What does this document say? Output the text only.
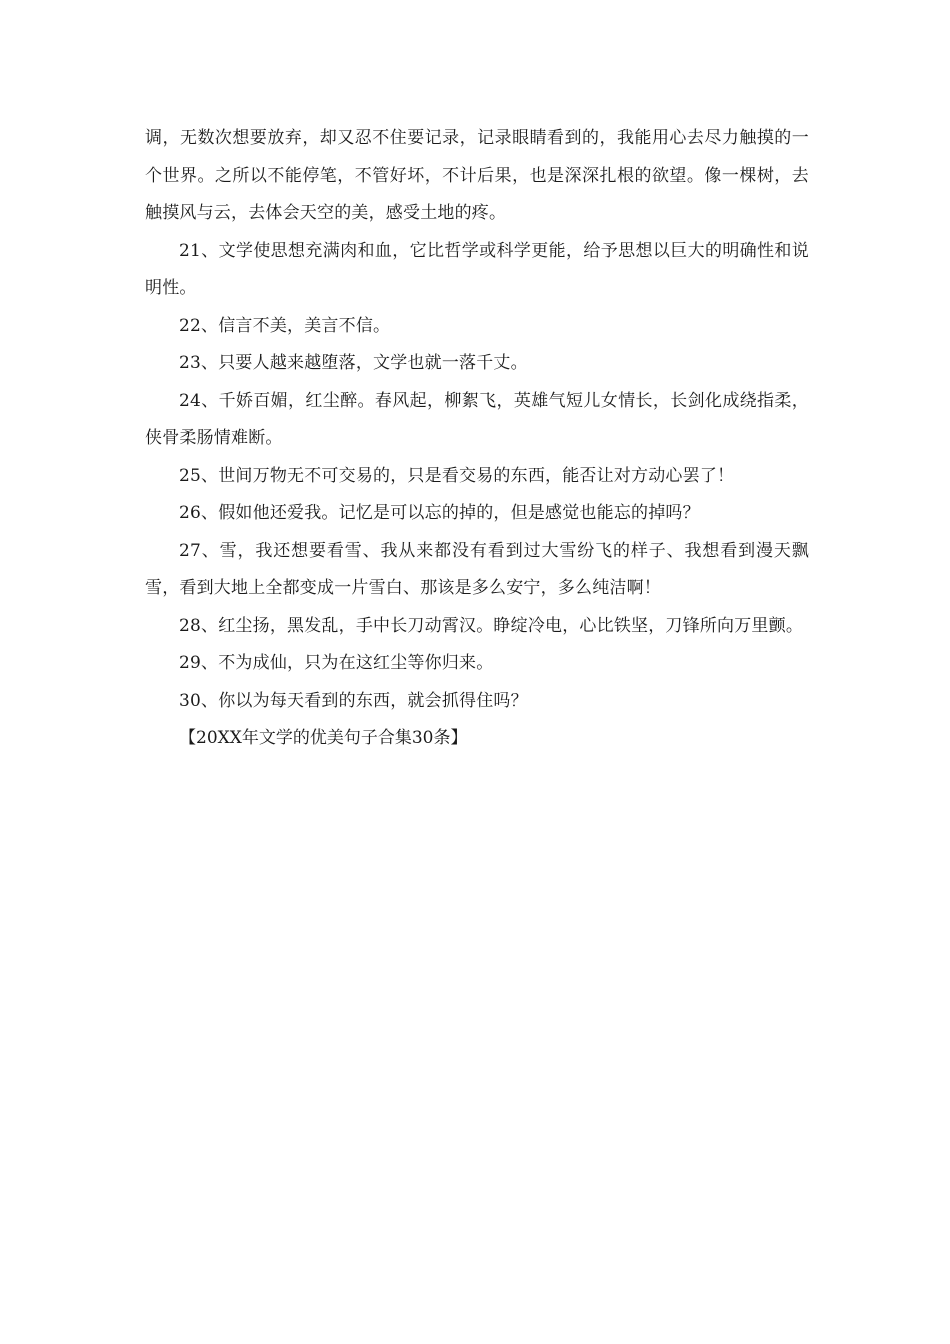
调，无数次想要放弃，却又忍不住要记录，记录眼睛看到的，我能用心去尽力触摸的一个世界。之所以不能停笔，不管好坏，不计后果，也是深深扎根的欲望。像一棵树，去触摸风与云，去体会天空的美，感受土地的疼。

21、文学使思想充满肉和血，它比哲学或科学更能，给予思想以巨大的明确性和说明性。

22、信言不美，美言不信。

23、只要人越来越堕落，文学也就一落千丈。

24、千娇百媚，红尘醉。春风起，柳絮飞，英雄气短儿女情长，长剑化成绕指柔，侠骨柔肠情难断。

25、世间万物无不可交易的，只是看交易的东西，能否让对方动心罢了！

26、假如他还爱我。记忆是可以忘的掉的，但是感觉也能忘的掉吗？

27、雪，我还想要看雪、我从来都没有看到过大雪纷飞的样子、我想看到漫天飘雪，看到大地上全都变成一片雪白、那该是多么安宁，多么纯洁啊！

28、红尘扬，黑发乱，手中长刀动霄汉。睁绽冷电，心比铁坚，刀锋所向万里颤。

29、不为成仙，只为在这红尘等你归来。

30、你以为每天看到的东西，就会抓得住吗？

【20XX年文学的优美句子合集30条】
